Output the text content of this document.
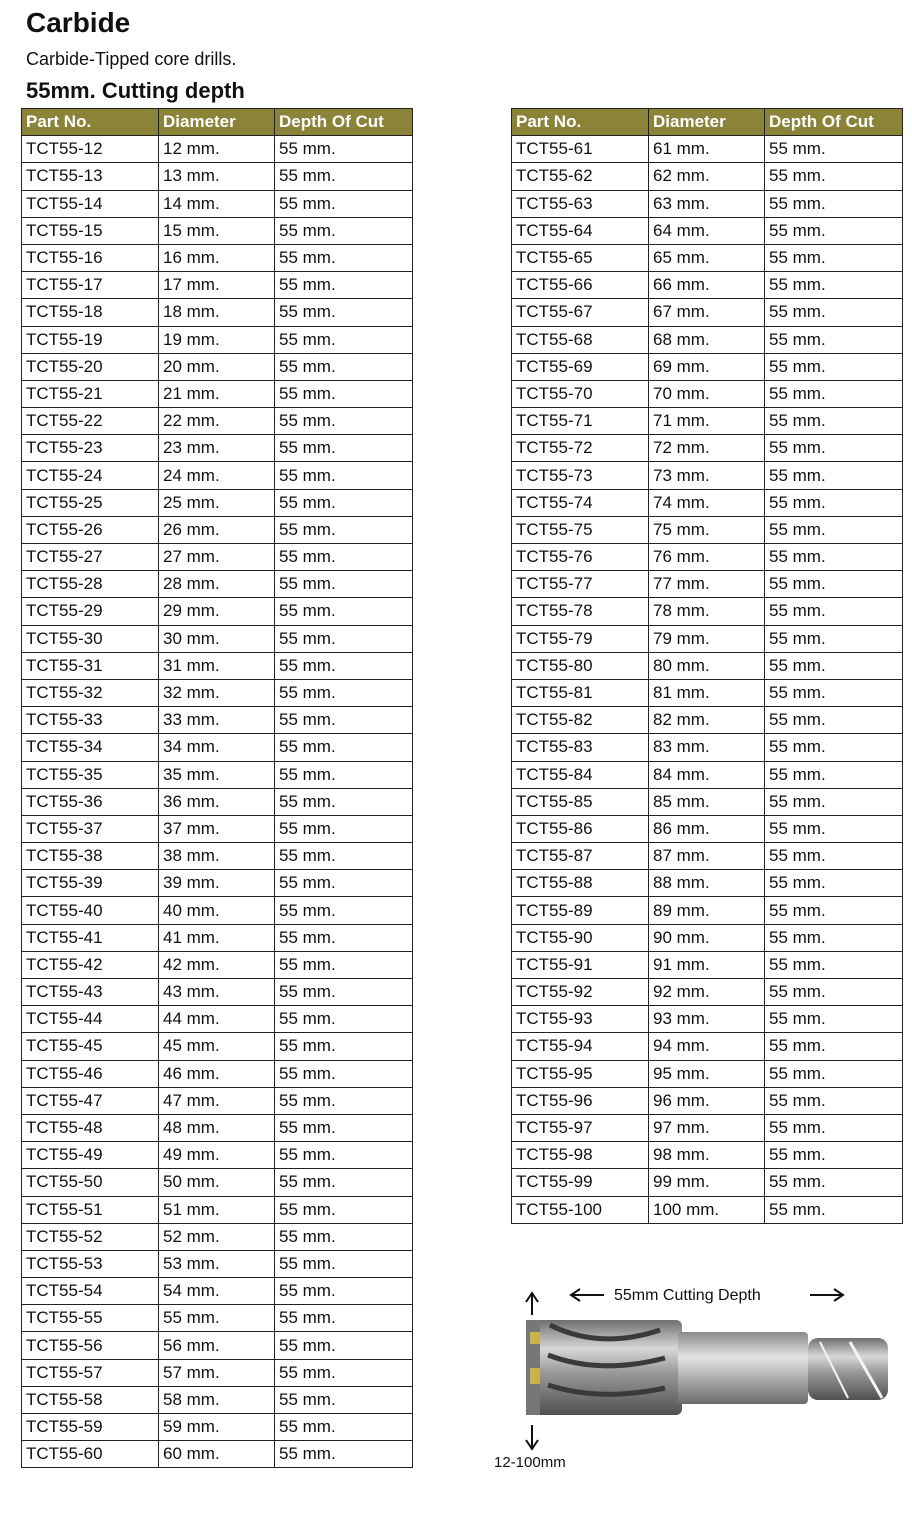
Carbide
Carbide-Tipped core drills.
55mm. Cutting depth
Part No.	Diameter	Depth Of Cut
TCT55-12	12 mm.	55 mm.
TCT55-13	13 mm.	55 mm.
TCT55-14	14 mm.	55 mm.
TCT55-15	15 mm.	55 mm.
TCT55-16	16 mm.	55 mm.
TCT55-17	17 mm.	55 mm.
TCT55-18	18 mm.	55 mm.
TCT55-19	19 mm.	55 mm.
TCT55-20	20 mm.	55 mm.
TCT55-21	21 mm.	55 mm.
TCT55-22	22 mm.	55 mm.
TCT55-23	23 mm.	55 mm.
TCT55-24	24 mm.	55 mm.
TCT55-25	25 mm.	55 mm.
TCT55-26	26 mm.	55 mm.
TCT55-27	27 mm.	55 mm.
TCT55-28	28 mm.	55 mm.
TCT55-29	29 mm.	55 mm.
TCT55-30	30 mm.	55 mm.
TCT55-31	31 mm.	55 mm.
TCT55-32	32 mm.	55 mm.
TCT55-33	33 mm.	55 mm.
TCT55-34	34 mm.	55 mm.
TCT55-35	35 mm.	55 mm.
TCT55-36	36 mm.	55 mm.
TCT55-37	37 mm.	55 mm.
TCT55-38	38 mm.	55 mm.
TCT55-39	39 mm.	55 mm.
TCT55-40	40 mm.	55 mm.
TCT55-41	41 mm.	55 mm.
TCT55-42	42 mm.	55 mm.
TCT55-43	43 mm.	55 mm.
TCT55-44	44 mm.	55 mm.
TCT55-45	45 mm.	55 mm.
TCT55-46	46 mm.	55 mm.
TCT55-47	47 mm.	55 mm.
TCT55-48	48 mm.	55 mm.
TCT55-49	49 mm.	55 mm.
TCT55-50	50 mm.	55 mm.
TCT55-51	51 mm.	55 mm.
TCT55-52	52 mm.	55 mm.
TCT55-53	53 mm.	55 mm.
TCT55-54	54 mm.	55 mm.
TCT55-55	55 mm.	55 mm.
TCT55-56	56 mm.	55 mm.
TCT55-57	57 mm.	55 mm.
TCT55-58	58 mm.	55 mm.
TCT55-59	59 mm.	55 mm.
TCT55-60	60 mm.	55 mm.
Part No.	Diameter	Depth Of Cut
TCT55-61	61 mm.	55 mm.
TCT55-62	62 mm.	55 mm.
TCT55-63	63 mm.	55 mm.
TCT55-64	64 mm.	55 mm.
TCT55-65	65 mm.	55 mm.
TCT55-66	66 mm.	55 mm.
TCT55-67	67 mm.	55 mm.
TCT55-68	68 mm.	55 mm.
TCT55-69	69 mm.	55 mm.
TCT55-70	70 mm.	55 mm.
TCT55-71	71 mm.	55 mm.
TCT55-72	72 mm.	55 mm.
TCT55-73	73 mm.	55 mm.
TCT55-74	74 mm.	55 mm.
TCT55-75	75 mm.	55 mm.
TCT55-76	76 mm.	55 mm.
TCT55-77	77 mm.	55 mm.
TCT55-78	78 mm.	55 mm.
TCT55-79	79 mm.	55 mm.
TCT55-80	80 mm.	55 mm.
TCT55-81	81 mm.	55 mm.
TCT55-82	82 mm.	55 mm.
TCT55-83	83 mm.	55 mm.
TCT55-84	84 mm.	55 mm.
TCT55-85	85 mm.	55 mm.
TCT55-86	86 mm.	55 mm.
TCT55-87	87 mm.	55 mm.
TCT55-88	88 mm.	55 mm.
TCT55-89	89 mm.	55 mm.
TCT55-90	90 mm.	55 mm.
TCT55-91	91 mm.	55 mm.
TCT55-92	92 mm.	55 mm.
TCT55-93	93 mm.	55 mm.
TCT55-94	94 mm.	55 mm.
TCT55-95	95 mm.	55 mm.
TCT55-96	96 mm.	55 mm.
TCT55-97	97 mm.	55 mm.
TCT55-98	98 mm.	55 mm.
TCT55-99	99 mm.	55 mm.
TCT55-100	100 mm.	55 mm.
55mm Cutting Depth
12-100mm
